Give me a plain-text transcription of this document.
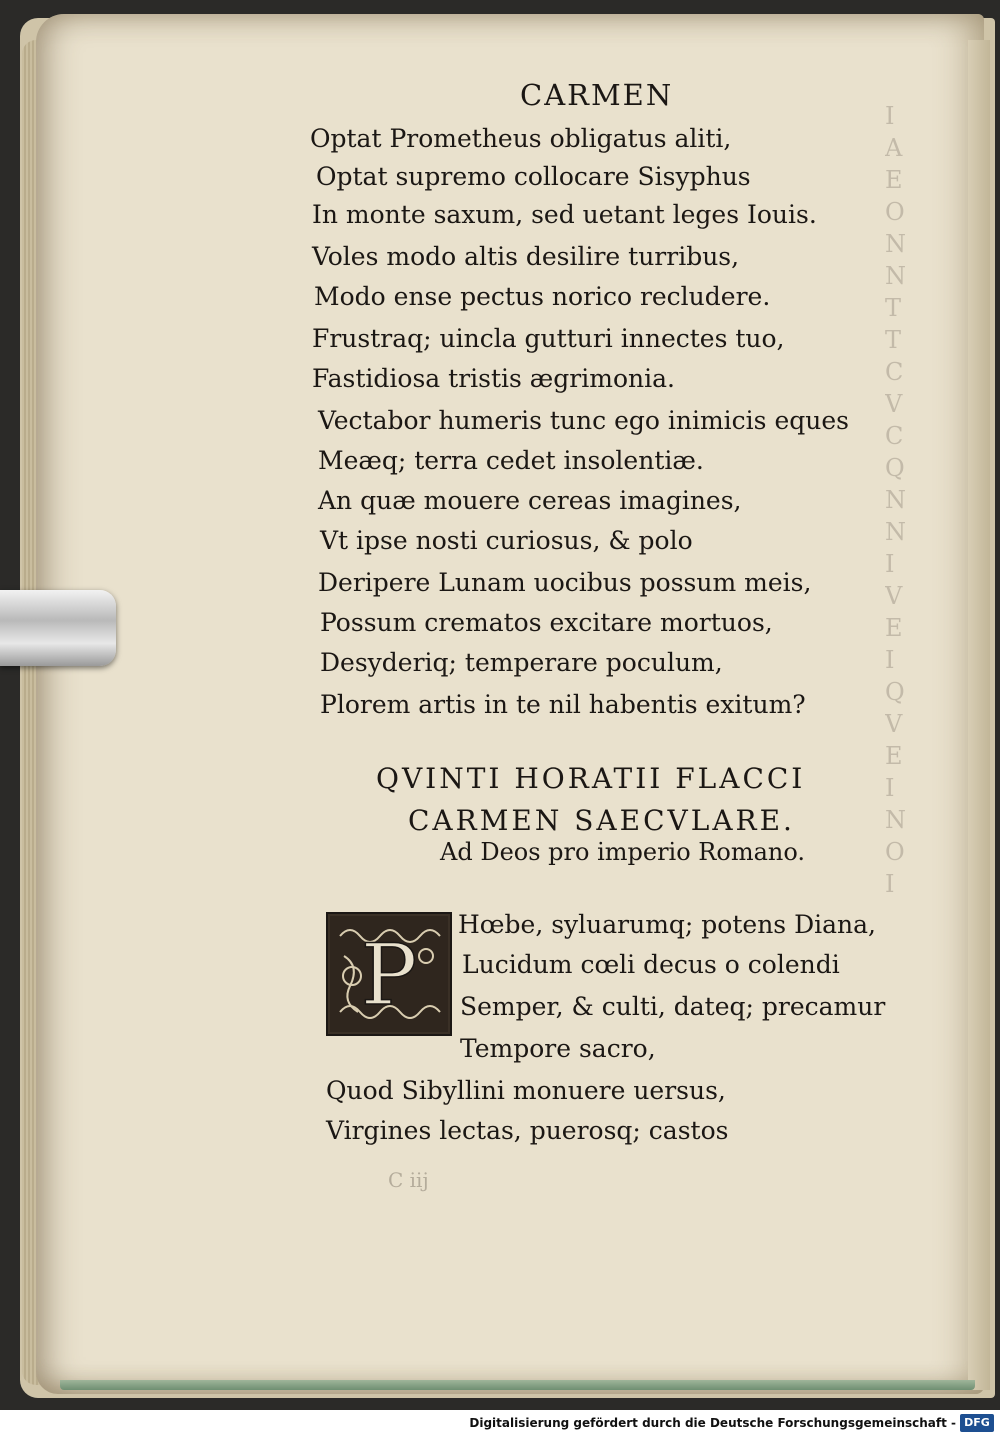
I
A
E
O
N
N
T
T
C
V
C
Q
N
N
I
V
E
I
Q
V
E
I
N
O
I
CARMEN

Optat Prometheus obligatus aliti,

Optat supremo collocare Sisyphus

In monte saxum, sed uetant leges Iouis.

Voles modo altis desilire turribus,

Modo ense pectus norico recludere.

Frustraq; uincla gutturi innectes tuo,

Fastidiosa tristis ægrimonia.

Vectabor humeris tunc ego inimicis eques

Meæq; terra cedet insolentiæ.

An quæ mouere cereas imagines,

Vt ipse nosti curiosus, & polo

Deripere Lunam uocibus possum meis,

Possum crematos excitare mortuos,

Desyderiq; temperare poculum,

Plorem artis in te nil habentis exitum?

QVINTI HORATII FLACCI
CARMEN SAECVLARE.

Ad Deos pro imperio Romano.

P

Hœbe, syluarumq; potens Diana,

Lucidum cœli decus o colendi

Semper, & culti, dateq; precamur

Tempore sacro,

Quod Sibyllini monuere uersus,

Virgines lectas, puerosq; castos

C iij
Digitalisierung gefördert durch die Deutsche Forschungsgemeinschaft - DFG
